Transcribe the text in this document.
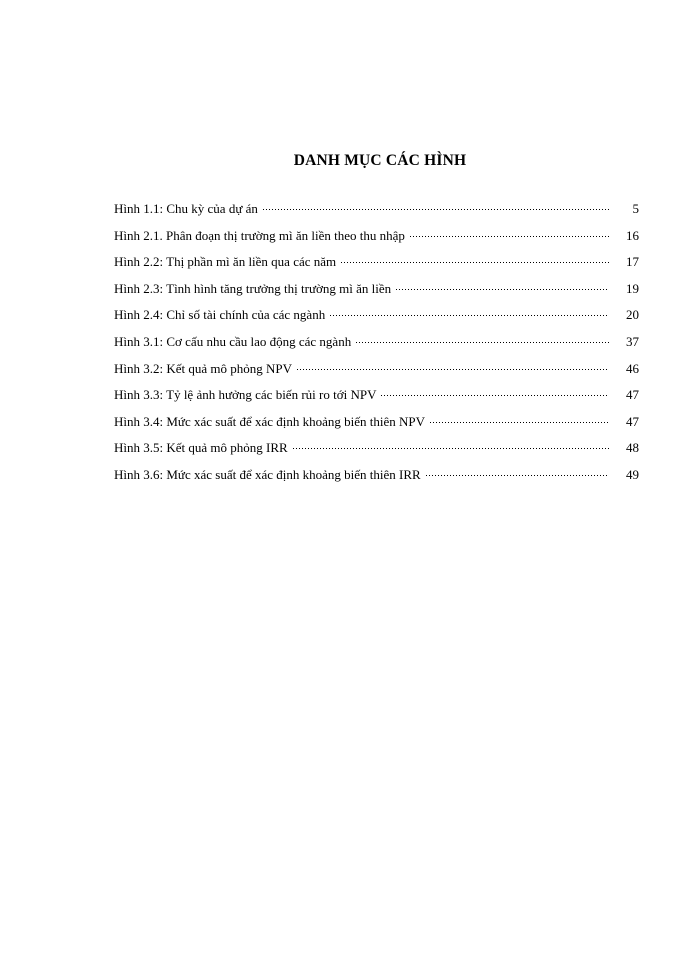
DANH MỤC CÁC HÌNH
Hình 1.1: Chu kỳ của dự án	5
Hình 2.1. Phân đoạn thị trường mì ăn liền theo thu nhập	16
Hình 2.2: Thị phần mì ăn liền qua các năm	17
Hình 2.3: Tình hình tăng trưởng thị trường mì ăn liền	19
Hình 2.4: Chỉ số tài chính của các ngành	20
Hình 3.1: Cơ cấu nhu cầu lao động các ngành	37
Hình 3.2: Kết quả mô phỏng NPV	46
Hình 3.3: Tỷ lệ ảnh hưởng các biến rủi ro tới NPV	47
Hình 3.4: Mức xác suất để xác định khoảng biến thiên NPV	47
Hình 3.5: Kết quả mô phỏng IRR	48
Hình 3.6: Mức xác suất để xác định khoảng biến thiên IRR	49
